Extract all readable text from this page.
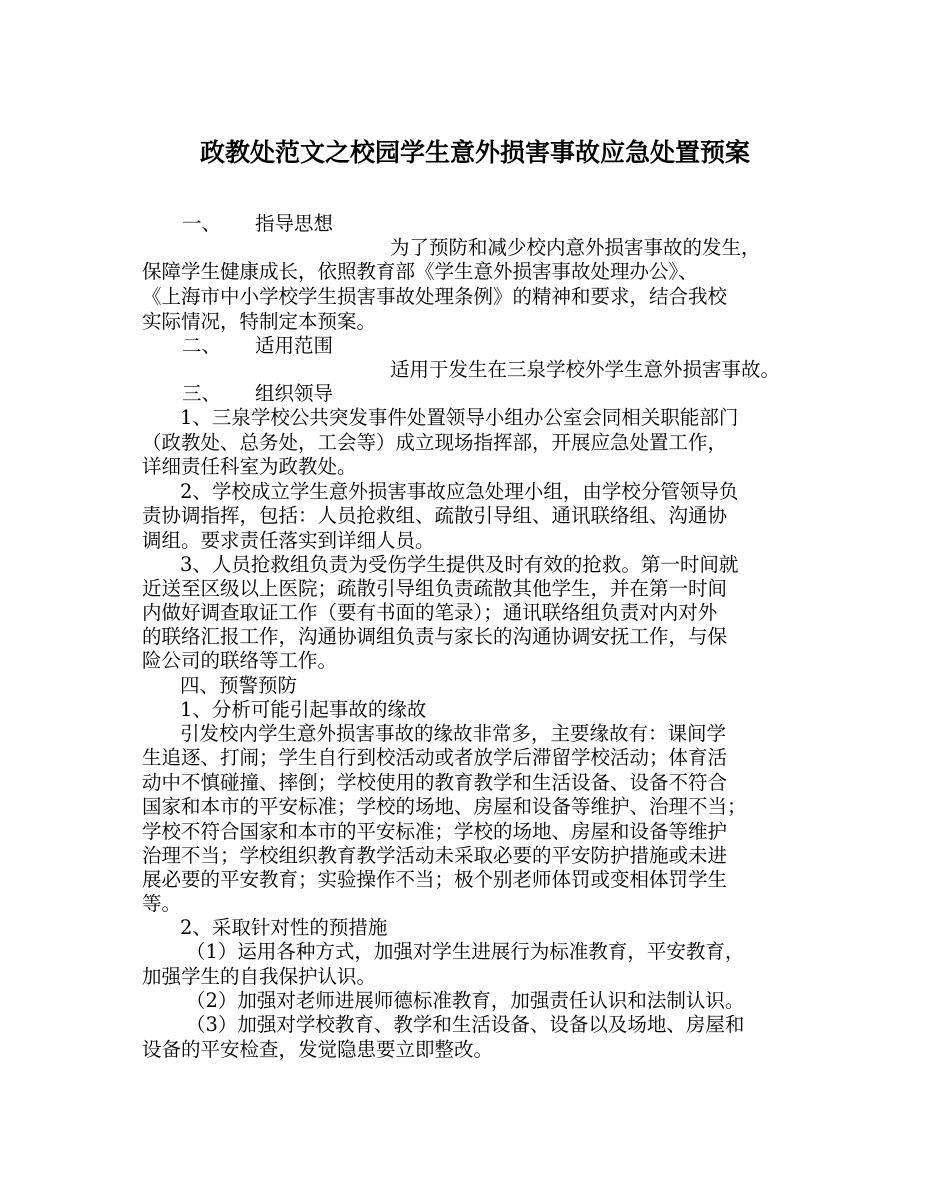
政教处范文之校园学生意外损害事故应急处置预案
一、 指导思想
为了预防和减少校内意外损害事故的发生，
保障学生健康成长，依照教育部《学生意外损害事故处理办公》、
《上海市中小学校学生损害事故处理条例》的精神和要求，结合我校
实际情况，特制定本预案。
二、 适用范围
适用于发生在三泉学校外学生意外损害事故。
三、 组织领导
1、三泉学校公共突发事件处置领导小组办公室会同相关职能部门
（政教处、总务处，工会等）成立现场指挥部，开展应急处置工作，
详细责任科室为政教处。
2、学校成立学生意外损害事故应急处理小组，由学校分管领导负
责协调指挥，包括：人员抢救组、疏散引导组、通讯联络组、沟通协
调组。要求责任落实到详细人员。
3、人员抢救组负责为受伤学生提供及时有效的抢救。第一时间就
近送至区级以上医院；疏散引导组负责疏散其他学生，并在第一时间
内做好调查取证工作（要有书面的笔录）；通讯联络组负责对内对外
的联络汇报工作，沟通协调组负责与家长的沟通协调安抚工作，与保
险公司的联络等工作。
四、预警预防
1、分析可能引起事故的缘故
引发校内学生意外损害事故的缘故非常多，主要缘故有：课间学
生追逐、打闹；学生自行到校活动或者放学后滞留学校活动；体育活
动中不慎碰撞、摔倒；学校使用的教育教学和生活设备、设备不符合
国家和本市的平安标准；学校的场地、房屋和设备等维护、治理不当；
学校不符合国家和本市的平安标准；学校的场地、房屋和设备等维护
治理不当；学校组织教育教学活动未采取必要的平安防护措施或未进
展必要的平安教育；实验操作不当；极个别老师体罚或变相体罚学生
等。
2、采取针对性的预措施
（1）运用各种方式，加强对学生进展行为标准教育，平安教育，
加强学生的自我保护认识。
（2）加强对老师进展师德标准教育，加强责任认识和法制认识。
（3）加强对学校教育、教学和生活设备、设备以及场地、房屋和
设备的平安检查，发觉隐患要立即整改。
